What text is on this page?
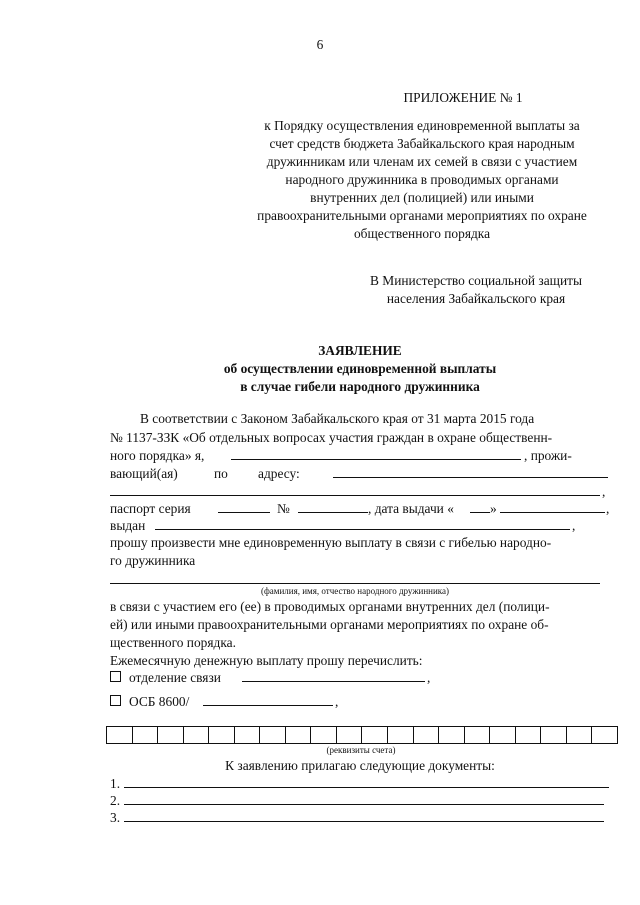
6
ПРИЛОЖЕНИЕ № 1
к Порядку осуществления единовременной выплаты за
счет средств бюджета Забайкальского края народным
дружинникам или членам их семей в связи с участием
народного дружинника в проводимых органами
внутренних дел (полицией) или иными
правоохранительными органами мероприятиях по охране
общественного порядка
В Министерство социальной защиты
населения Забайкальского края
ЗАЯВЛЕНИЕ
об осуществлении единовременной выплаты
в случае гибели народного дружинника
В соответствии с Законом Забайкальского края от 31 марта 2015 года
№ 1137-ЗЗК «Об отдельных вопросах участия граждан в охране общественн-
ного порядка» я,	, прожи-
вающий(ая)	по адресу:
,
паспорт серия	№	, дата выдачи «	»	,
выдан	,
прошу произвести мне единовременную выплату в связи с гибелью народно-
го дружинника
(фамилия, имя, отчество народного дружинника)
в связи с участием его (ее) в проводимых органами внутренних дел (полици-
ей) или иными правоохранительными органами мероприятиях по охране об-
щественного порядка.
Ежемесячную денежную выплату прошу перечислить:
отделение связи	,
ОСБ 8600/	,
(реквизиты счета)
К заявлению прилагаю следующие документы:
1.
2.
3.
